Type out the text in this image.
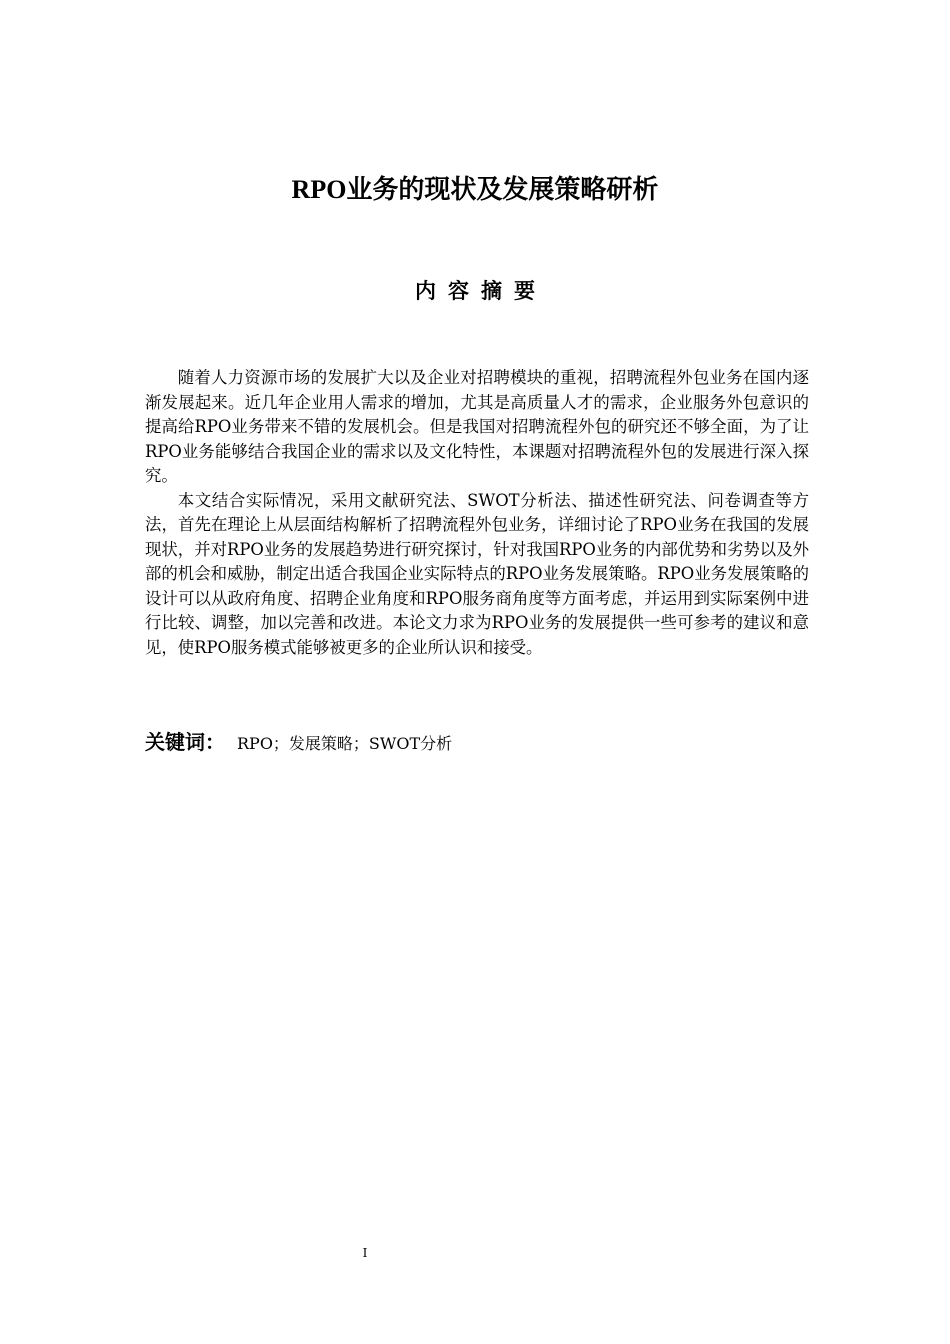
RPO业务的现状及发展策略研析
内容摘要

随着人力资源市场的发展扩大以及企业对招聘模块的重视，招聘流程外包业务在国内逐渐发展起来。近几年企业用人需求的增加，尤其是高质量人才的需求，企业服务外包意识的提高给RPO业务带来不错的发展机会。但是我国对招聘流程外包的研究还不够全面，为了让RPO业务能够结合我国企业的需求以及文化特性，本课题对招聘流程外包的发展进行深入探究。

本文结合实际情况，采用文献研究法、SWOT分析法、描述性研究法、问卷调查等方法，首先在理论上从层面结构解析了招聘流程外包业务，详细讨论了RPO业务在我国的发展现状，并对RPO业务的发展趋势进行研究探讨，针对我国RPO业务的内部优势和劣势以及外部的机会和威胁，制定出适合我国企业实际特点的RPO业务发展策略。RPO业务发展策略的设计可以从政府角度、招聘企业角度和RPO服务商角度等方面考虑，并运用到实际案例中进行比较、调整，加以完善和改进。本论文力求为RPO业务的发展提供一些可参考的建议和意见，使RPO服务模式能够被更多的企业所认识和接受。

关键词： RPO；发展策略；SWOT分析
I
